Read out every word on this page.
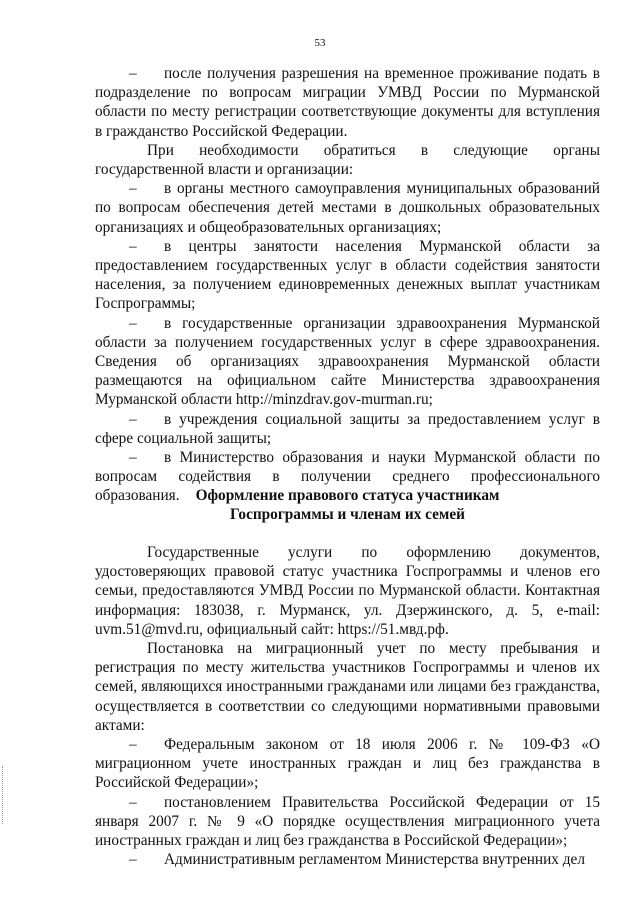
53

– после получения разрешения на временное проживание подать в подразделение по вопросам миграции УМВД России по Мурманской области по месту регистрации соответствующие документы для вступления в гражданство Российской Федерации.

При необходимости обратиться в следующие органы государственной власти и организации:

– в органы местного самоуправления муниципальных образований по вопросам обеспечения детей местами в дошкольных образовательных организациях и общеобразовательных организациях;

– в центры занятости населения Мурманской области за предоставлением государственных услуг в области содействия занятости населения, за получением единовременных денежных выплат участникам Госпрограммы;

– в государственные организации здравоохранения Мурманской области за получением государственных услуг в сфере здравоохранения. Сведения об организациях здравоохранения Мурманской области размещаются на официальном сайте Министерства здравоохранения Мурманской области http://minzdrav.gov-murman.ru;

– в учреждения социальной защиты за предоставлением услуг в сфере социальной защиты;

– в Министерство образования и науки Мурманской области по вопросам содействия в получении среднего профессионального образования.	Оформление правового статуса участникам
Госпрограммы и членам их семей

Государственные услуги по оформлению документов, удостоверяющих правовой статус участника Госпрограммы и членов его семьи, предоставляются УМВД России по Мурманской области. Контактная информация: 183038, г. Мурманск, ул. Дзержинского, д. 5, e-mail: uvm.51@mvd.ru, официальный сайт: https://51.мвд.рф.

Постановка на миграционный учет по месту пребывания и регистрация по месту жительства участников Госпрограммы и членов их семей, являющихся иностранными гражданами или лицами без гражданства, осуществляется в соответствии со следующими нормативными правовыми актами:

– Федеральным законом от 18 июля 2006 г. № 109-ФЗ «О миграционном учете иностранных граждан и лиц без гражданства в Российской Федерации»;

– постановлением Правительства Российской Федерации от 15 января 2007 г. № 9 «О порядке осуществления миграционного учета иностранных граждан и лиц без гражданства в Российской Федерации»;

– Административным регламентом Министерства внутренних дел
